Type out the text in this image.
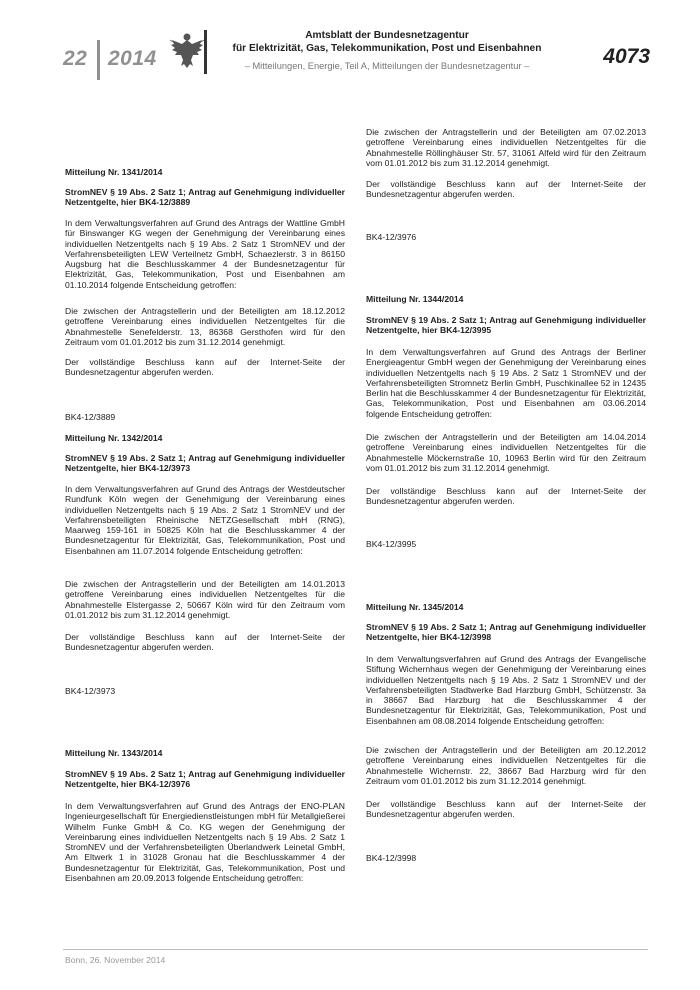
22 2014
Amtsblatt der Bundesnetzagentur
für Elektrizität, Gas, Telekommunikation, Post und Eisenbahnen
– Mitteilungen, Energie, Teil A, Mitteilungen der Bundesnetzagentur –	4073
Mitteilung Nr. 1341/2014
StromNEV § 19 Abs. 2 Satz 1; Antrag auf Genehmigung individueller Netzentgelte, hier BK4-12/3889
In dem Verwaltungsverfahren auf Grund des Antrags der Wattline GmbH für Binswanger KG wegen der Genehmigung der Vereinbarung eines individuellen Netzentgelts nach § 19 Abs. 2 Satz 1 StromNEV und der Verfahrensbeteiligten LEW Verteilnetz GmbH, Schaezlerstr. 3 in 86150 Augsburg hat die Beschlusskammer 4 der Bundesnetzagentur für Elektrizität, Gas, Telekommunikation, Post und Eisenbahnen am 01.10.2014 folgende Entscheidung getroffen:
Die zwischen der Antragstellerin und der Beteiligten am 18.12.2012 getroffene Vereinbarung eines individuellen Netzentgeltes für die Abnahmestelle Senefelderstr. 13, 86368 Gersthofen wird für den Zeitraum vom 01.01.2012 bis zum 31.12.2014 genehmigt.
Der vollständige Beschluss kann auf der Internet-Seite der Bundesnetzagentur abgerufen werden.
BK4-12/3889
Mitteilung Nr. 1342/2014
StromNEV § 19 Abs. 2 Satz 1; Antrag auf Genehmigung individueller Netzentgelte, hier BK4-12/3973
In dem Verwaltungsverfahren auf Grund des Antrags der Westdeutscher Rundfunk Köln wegen der Genehmigung der Vereinbarung eines individuellen Netzentgelts nach § 19 Abs. 2 Satz 1 StromNEV und der Verfahrensbeteiligten Rheinische NETZGesellschaft mbH (RNG), Maarweg 159-161 in 50825 Köln hat die Beschlusskammer 4 der Bundesnetzagentur für Elektrizität, Gas, Telekommunikation, Post und Eisenbahnen am 11.07.2014 folgende Entscheidung getroffen:
Die zwischen der Antragstellerin und der Beteiligten am 14.01.2013 getroffene Vereinbarung eines individuellen Netzentgeltes für die Abnahmestelle Elstergasse 2, 50667 Köln wird für den Zeitraum vom 01.01.2012 bis zum 31.12.2014 genehmigt.
Der vollständige Beschluss kann auf der Internet-Seite der Bundesnetzagentur abgerufen werden.
BK4-12/3973
Mitteilung Nr. 1343/2014
StromNEV § 19 Abs. 2 Satz 1; Antrag auf Genehmigung individueller Netzentgelte, hier BK4-12/3976
In dem Verwaltungsverfahren auf Grund des Antrags der ENO-PLAN Ingenieurgesellschaft für Energiedienstleistungen mbH für Metallgießerei Wilhelm Funke GmbH & Co. KG wegen der Genehmigung der Vereinbarung eines individuellen Netzentgelts nach § 19 Abs. 2 Satz 1 StromNEV und der Verfahrensbeteiligten Überlandwerk Leinetal GmbH, Am Eltwerk 1 in 31028 Gronau hat die Beschlusskammer 4 der Bundesnetzagentur für Elektrizität, Gas, Telekommunikation, Post und Eisenbahnen am 20.09.2013 folgende Entscheidung getroffen:
Die zwischen der Antragstellerin und der Beteiligten am 07.02.2013 getroffene Vereinbarung eines individuellen Netzentgeltes für die Abnahmestelle Röllinghäuser Str. 57, 31061 Alfeld wird für den Zeitraum vom 01.01.2012 bis zum 31.12.2014 genehmigt.
Der vollständige Beschluss kann auf der Internet-Seite der Bundesnetzagentur abgerufen werden.
BK4-12/3976
Mitteilung Nr. 1344/2014
StromNEV § 19 Abs. 2 Satz 1; Antrag auf Genehmigung individueller Netzentgelte, hier BK4-12/3995
In dem Verwaltungsverfahren auf Grund des Antrags der Berliner Energieagentur GmbH wegen der Genehmigung der Vereinbarung eines individuellen Netzentgelts nach § 19 Abs. 2 Satz 1 StromNEV und der Verfahrensbeteiligten Stromnetz Berlin GmbH, Puschkinallee 52 in 12435 Berlin hat die Beschlusskammer 4 der Bundesnetzagentur für Elektrizität, Gas, Telekommunikation, Post und Eisenbahnen am 03.06.2014 folgende Entscheidung getroffen:
Die zwischen der Antragstellerin und der Beteiligten am 14.04.2014 getroffene Vereinbarung eines individuellen Netzentgeltes für die Abnahmestelle Möckernstraße 10, 10963 Berlin wird für den Zeitraum vom 01.01.2012 bis zum 31.12.2014 genehmigt.
Der vollständige Beschluss kann auf der Internet-Seite der Bundesnetzagentur abgerufen werden.
BK4-12/3995
Mitteilung Nr. 1345/2014
StromNEV § 19 Abs. 2 Satz 1; Antrag auf Genehmigung individueller Netzentgelte, hier BK4-12/3998
In dem Verwaltungsverfahren auf Grund des Antrags der Evangelische Stiftung Wichernhaus wegen der Genehmigung der Vereinbarung eines individuellen Netzentgelts nach § 19 Abs. 2 Satz 1 StromNEV und der Verfahrensbeteiligten Stadtwerke Bad Harzburg GmbH, Schützenstr. 3a in 38667 Bad Harzburg hat die Beschlusskammer 4 der Bundesnetzagentur für Elektrizität, Gas, Telekommunikation, Post und Eisenbahnen am 08.08.2014 folgende Entscheidung getroffen:
Die zwischen der Antragstellerin und der Beteiligten am 20.12.2012 getroffene Vereinbarung eines individuellen Netzentgeltes für die Abnahmestelle Wichernstr. 22, 38667 Bad Harzburg wird für den Zeitraum vom 01.01.2012 bis zum 31.12.2014 genehmigt.
Der vollständige Beschluss kann auf der Internet-Seite der Bundesnetzagentur abgerufen werden.
BK4-12/3998
Bonn, 26. November 2014
